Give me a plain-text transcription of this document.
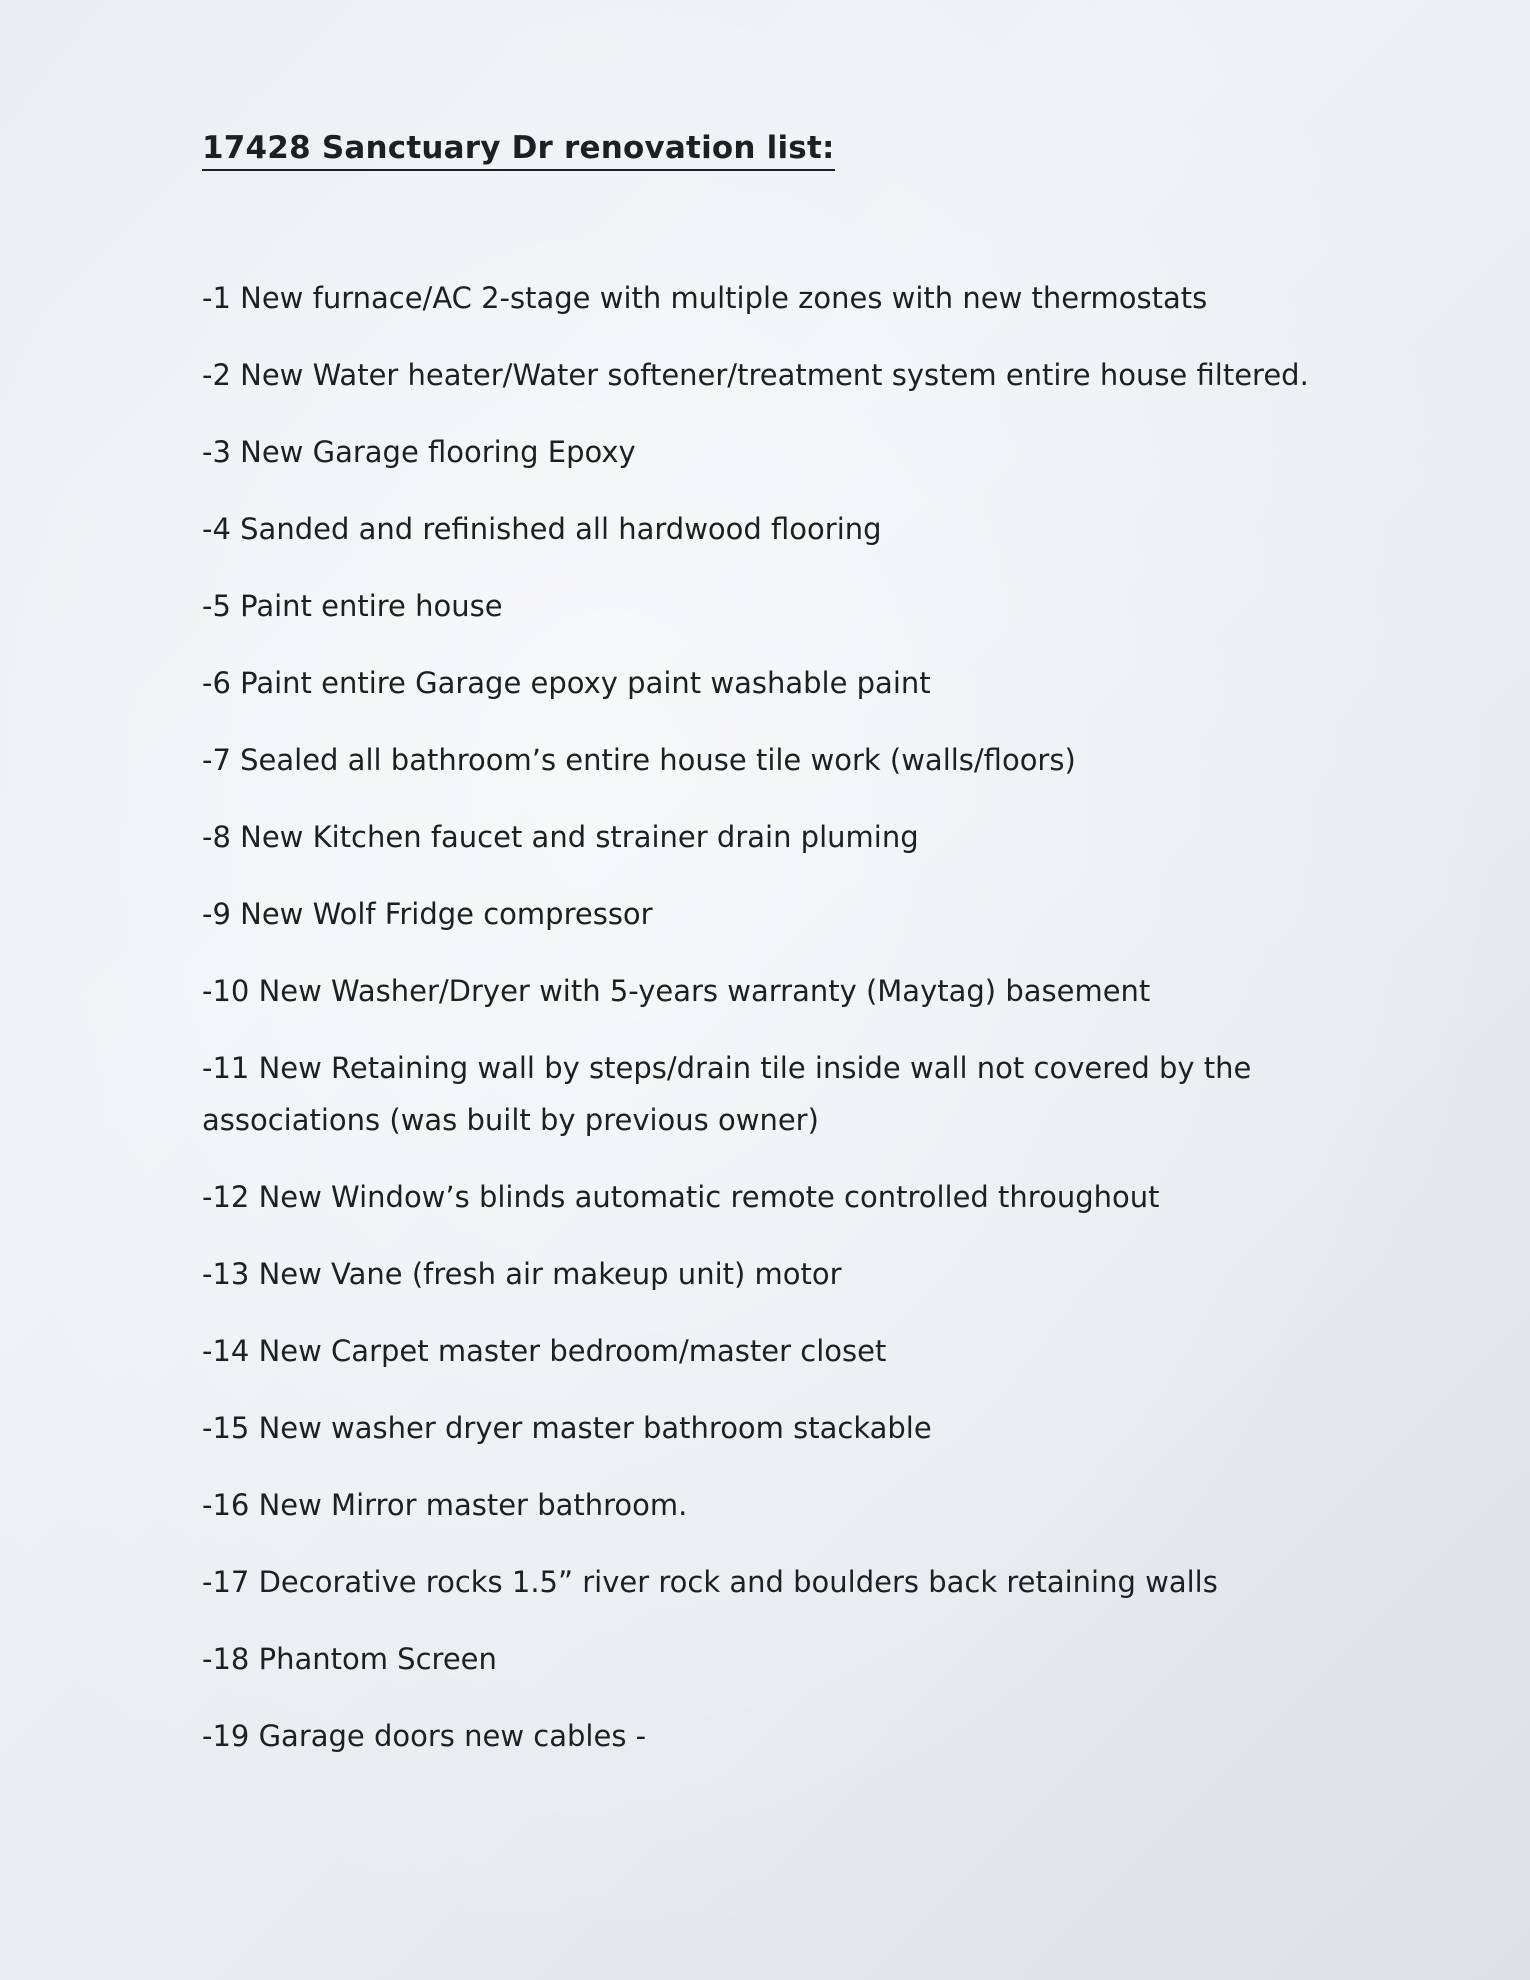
17428 Sanctuary Dr renovation list:
-1 New furnace/AC 2-stage with multiple zones with new thermostats
-2 New Water heater/Water softener/treatment system entire house filtered.
-3 New Garage flooring Epoxy
-4 Sanded and refinished all hardwood flooring
-5 Paint entire house
-6 Paint entire Garage epoxy paint washable paint
-7 Sealed all bathroom’s entire house tile work (walls/floors)
-8 New Kitchen faucet and strainer drain pluming
-9 New Wolf Fridge compressor
-10 New Washer/Dryer with 5-years warranty (Maytag) basement
-11 New Retaining wall by steps/drain tile inside wall not covered by the associations (was built by previous owner)
-12 New Window’s blinds automatic remote controlled throughout
-13 New Vane (fresh air makeup unit) motor
-14 New Carpet master bedroom/master closet
-15 New washer dryer master bathroom stackable
-16 New Mirror master bathroom.
-17 Decorative rocks 1.5” river rock and boulders back retaining walls
-18 Phantom Screen
-19 Garage doors new cables -
